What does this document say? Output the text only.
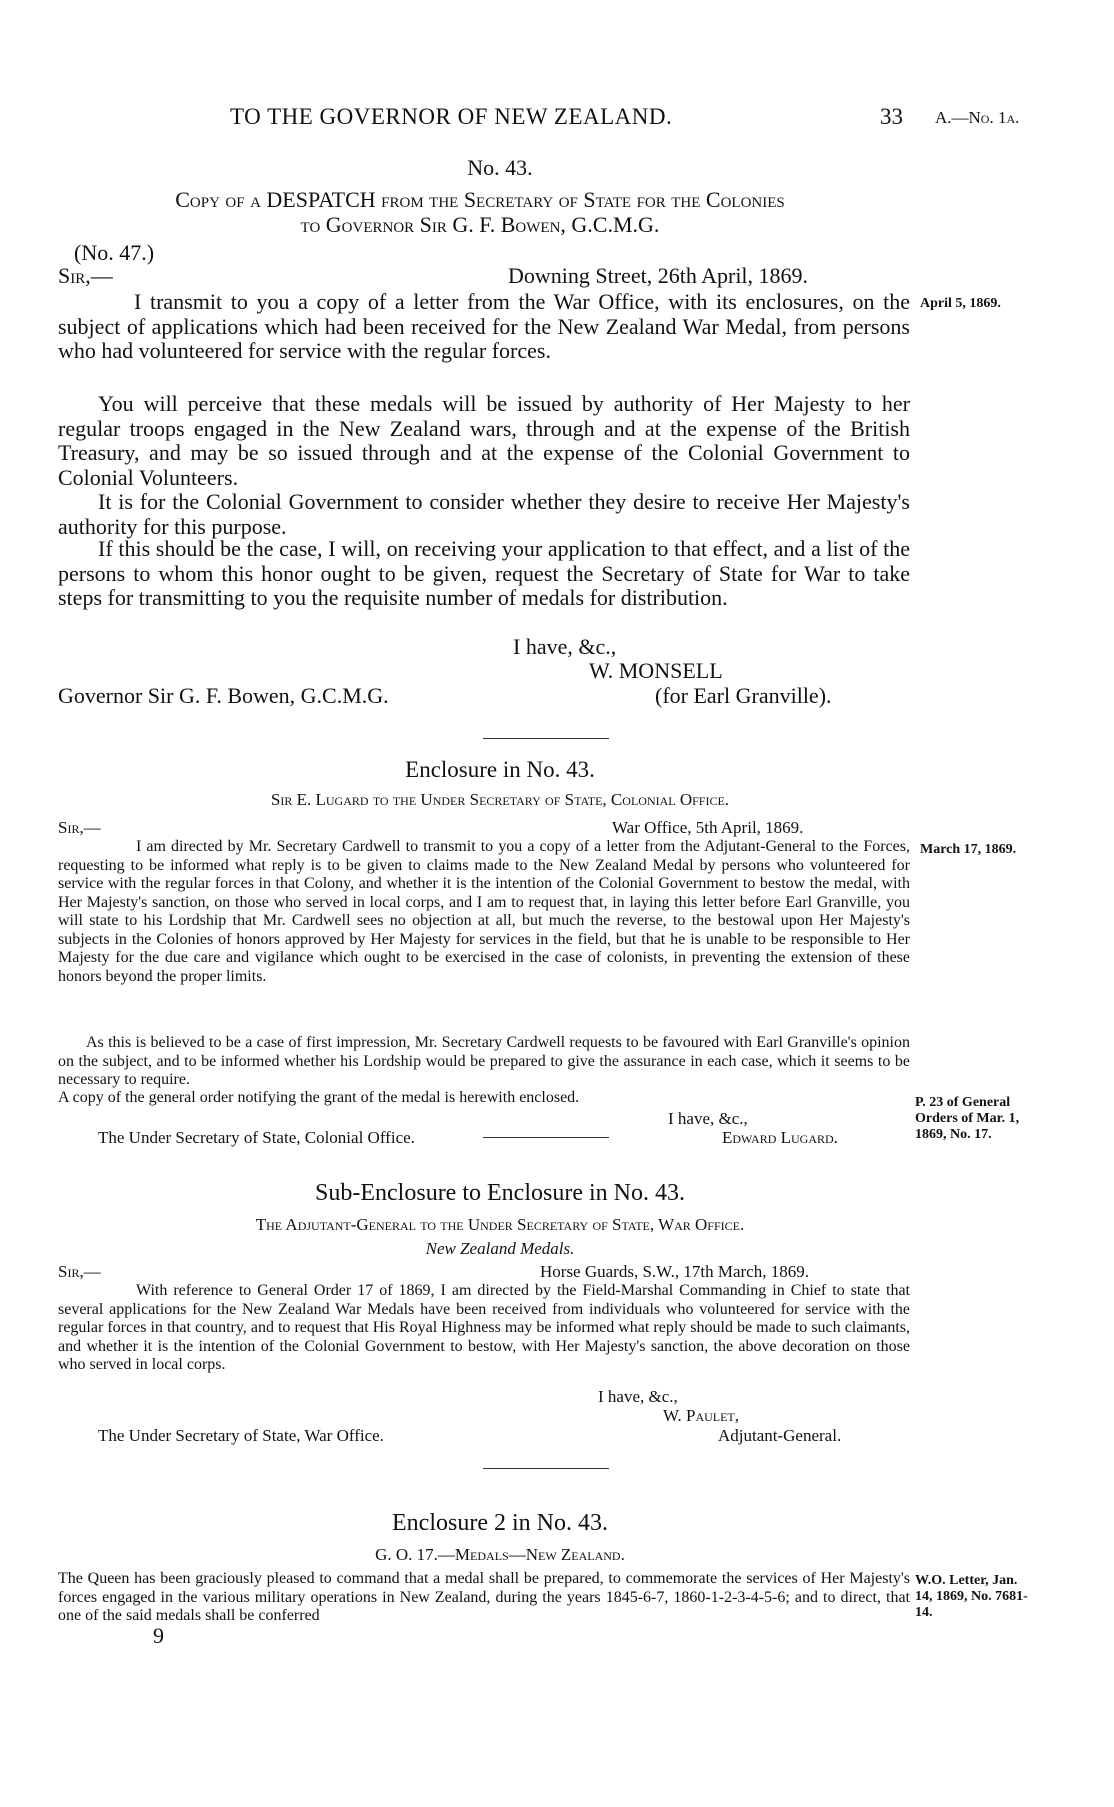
TO THE GOVERNOR OF NEW ZEALAND.	33 A.—No. 1a.
No. 43.
Copy of a DESPATCH from the Secretary of State for the Colonies
to Governor Sir G. F. Bowen, G.C.M.G.
(No. 47.)
Sir,—	Downing Street, 26th April, 1869.
I transmit to you a copy of a letter from the War Office, with its enclosures, on the subject of applications which had been received for the New Zealand War Medal, from persons who had volunteered for service with the regular forces.
You will perceive that these medals will be issued by authority of Her Majesty to her regular troops engaged in the New Zealand wars, through and at the expense of the British Treasury, and may be so issued through and at the expense of the Colonial Government to Colonial Volunteers.
It is for the Colonial Government to consider whether they desire to receive Her Majesty's authority for this purpose.
If this should be the case, I will, on receiving your application to that effect, and a list of the persons to whom this honor ought to be given, request the Secretary of State for War to take steps for transmitting to you the requisite number of medals for distribution.
I have, &c.,
W. MONSELL
Governor Sir G. F. Bowen, G.C.M.G.	(for Earl Granville).
Enclosure in No. 43.
Sir E. Lugard to the Under Secretary of State, Colonial Office.
Sir,—	War Office, 5th April, 1869.
I am directed by Mr. Secretary Cardwell to transmit to you a copy of a letter from the Adjutant-General to the Forces, requesting to be informed what reply is to be given to claims made to the New Zealand Medal by persons who volunteered for service with the regular forces in that Colony, and whether it is the intention of the Colonial Government to bestow the medal, with Her Majesty's sanction, on those who served in local corps, and I am to request that, in laying this letter before Earl Granville, you will state to his Lordship that Mr. Cardwell sees no objection at all, but much the reverse, to the bestowal upon Her Majesty's subjects in the Colonies of honors approved by Her Majesty for services in the field, but that he is unable to be responsible to Her Majesty for the due care and vigilance which ought to be exercised in the case of colonists, in preventing the extension of these honors beyond the proper limits.
As this is believed to be a case of first impression, Mr. Secretary Cardwell requests to be favoured with Earl Granville's opinion on the subject, and to be informed whether his Lordship would be prepared to give the assurance in each case, which it seems to be necessary to require.
A copy of the general order notifying the grant of the medal is herewith enclosed.
I have, &c.,
The Under Secretary of State, Colonial Office.	Edward Lugard.
Sub-Enclosure to Enclosure in No. 43.
The Adjutant-General to the Under Secretary of State, War Office.
New Zealand Medals.
Sir,—	Horse Guards, S.W., 17th March, 1869.
With reference to General Order 17 of 1869, I am directed by the Field-Marshal Commanding in Chief to state that several applications for the New Zealand War Medals have been received from individuals who volunteered for service with the regular forces in that country, and to request that His Royal Highness may be informed what reply should be made to such claimants, and whether it is the intention of the Colonial Government to bestow, with Her Majesty's sanction, the above decoration on those who served in local corps.
I have, &c.,
W. Paulet,
The Under Secretary of State, War Office.	Adjutant-General.
Enclosure 2 in No. 43.
G. O. 17.—Medals—New Zealand.
The Queen has been graciously pleased to command that a medal shall be prepared, to commemorate the services of Her Majesty's forces engaged in the various military operations in New Zealand, during the years 1845-6-7, 1860-1-2-3-4-5-6; and to direct, that one of the said medals shall be conferred
9
April 5, 1869.
March 17, 1869.
P. 23 of General Orders of Mar. 1, 1869, No. 17.
W.O. Letter, Jan. 14, 1869, No. 7681-14.
